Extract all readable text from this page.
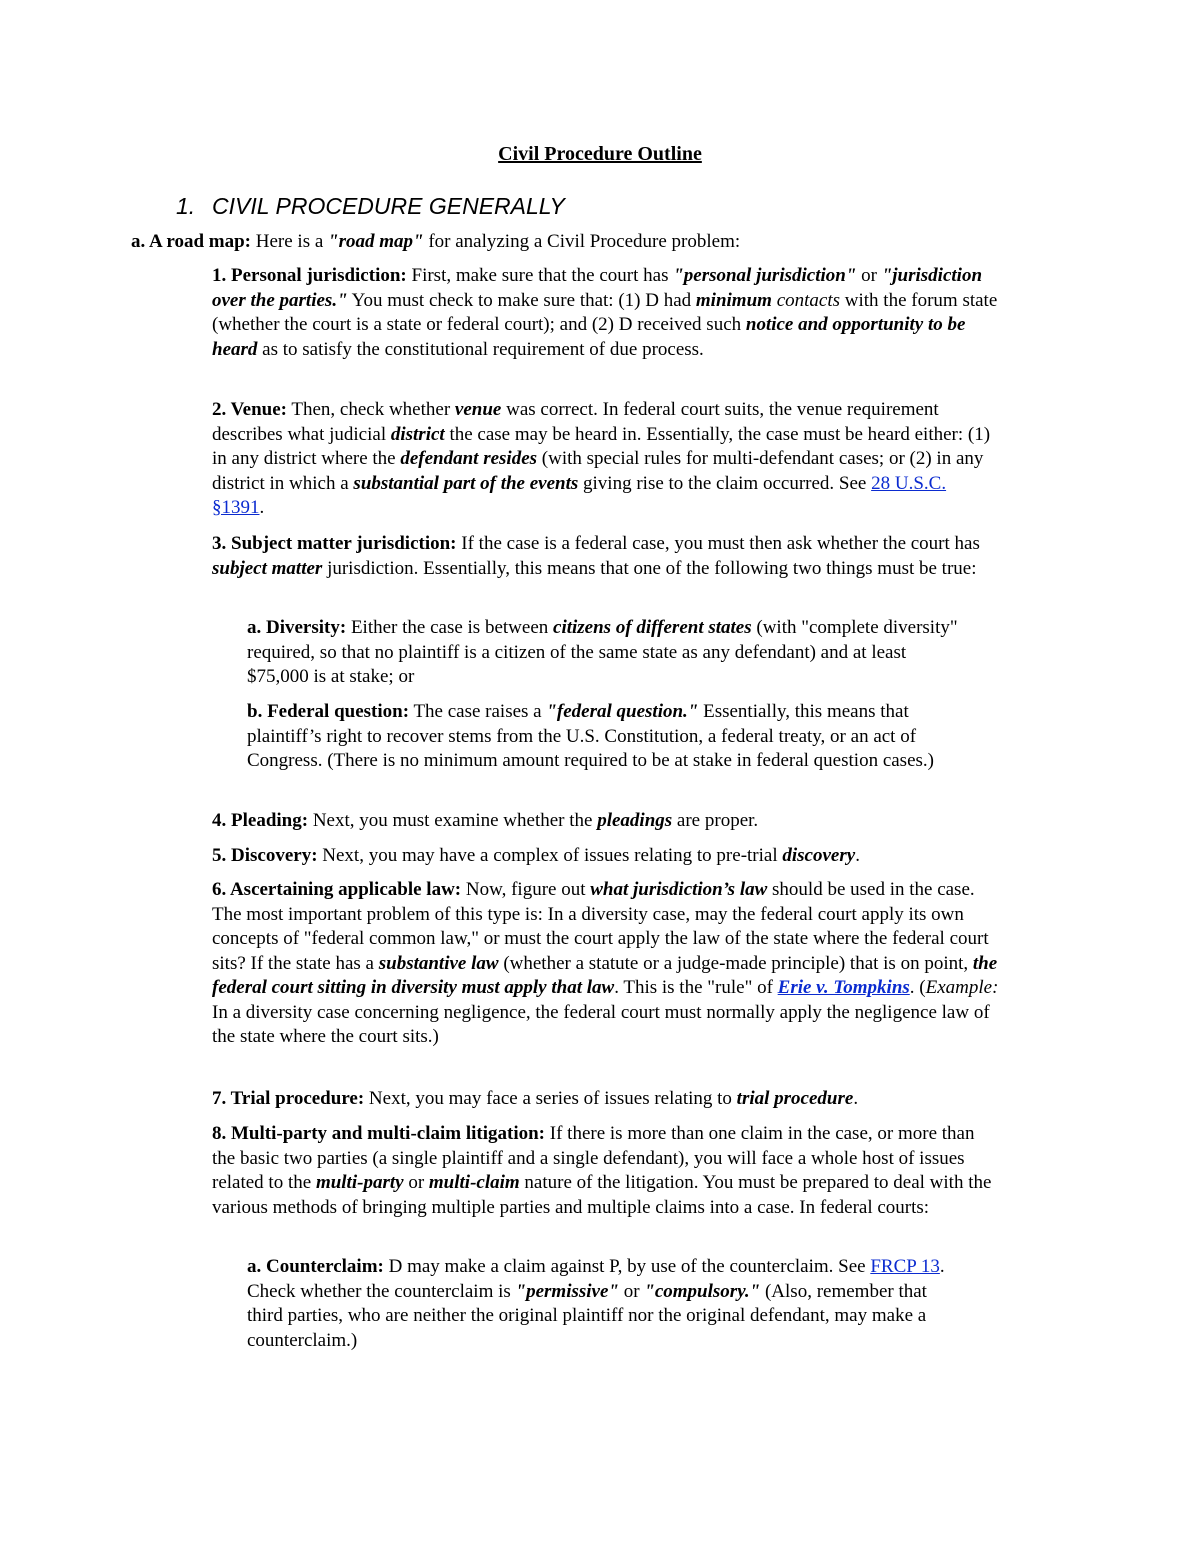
Civil Procedure Outline
1. CIVIL PROCEDURE GENERALLY

a. A road map: Here is a "road map" for analyzing a Civil Procedure problem:

1. Personal jurisdiction: First, make sure that the court has "personal jurisdiction" or "jurisdiction over the parties." You must check to make sure that: (1) D had minimum contacts with the forum state (whether the court is a state or federal court); and (2) D received such notice and opportunity to be heard as to satisfy the constitutional requirement of due process.

2. Venue: Then, check whether venue was correct. In federal court suits, the venue requirement describes what judicial district the case may be heard in. Essentially, the case must be heard either: (1) in any district where the defendant resides (with special rules for multi-defendant cases; or (2) in any district in which a substantial part of the events giving rise to the claim occurred. See 28 U.S.C. §1391.

3. Subject matter jurisdiction: If the case is a federal case, you must then ask whether the court has subject matter jurisdiction. Essentially, this means that one of the following two things must be true:

a. Diversity: Either the case is between citizens of different states (with "complete diversity" required, so that no plaintiff is a citizen of the same state as any defendant) and at least $75,000 is at stake; or

b. Federal question: The case raises a "federal question." Essentially, this means that plaintiff’s right to recover stems from the U.S. Constitution, a federal treaty, or an act of Congress. (There is no minimum amount required to be at stake in federal question cases.)

4. Pleading: Next, you must examine whether the pleadings are proper.

5. Discovery: Next, you may have a complex of issues relating to pre-trial discovery.

6. Ascertaining applicable law: Now, figure out what jurisdiction’s law should be used in the case. The most important problem of this type is: In a diversity case, may the federal court apply its own concepts of "federal common law," or must the court apply the law of the state where the federal court sits? If the state has a substantive law (whether a statute or a judge-made principle) that is on point, the federal court sitting in diversity must apply that law. This is the "rule" of Erie v. Tompkins. (Example: In a diversity case concerning negligence, the federal court must normally apply the negligence law of the state where the court sits.)

7. Trial procedure: Next, you may face a series of issues relating to trial procedure.

8. Multi-party and multi-claim litigation: If there is more than one claim in the case, or more than the basic two parties (a single plaintiff and a single defendant), you will face a whole host of issues related to the multi-party or multi-claim nature of the litigation. You must be prepared to deal with the various methods of bringing multiple parties and multiple claims into a case. In federal courts:

a. Counterclaim: D may make a claim against P, by use of the counterclaim. See FRCP 13. Check whether the counterclaim is "permissive" or "compulsory." (Also, remember that third parties, who are neither the original plaintiff nor the original defendant, may make a counterclaim.)
